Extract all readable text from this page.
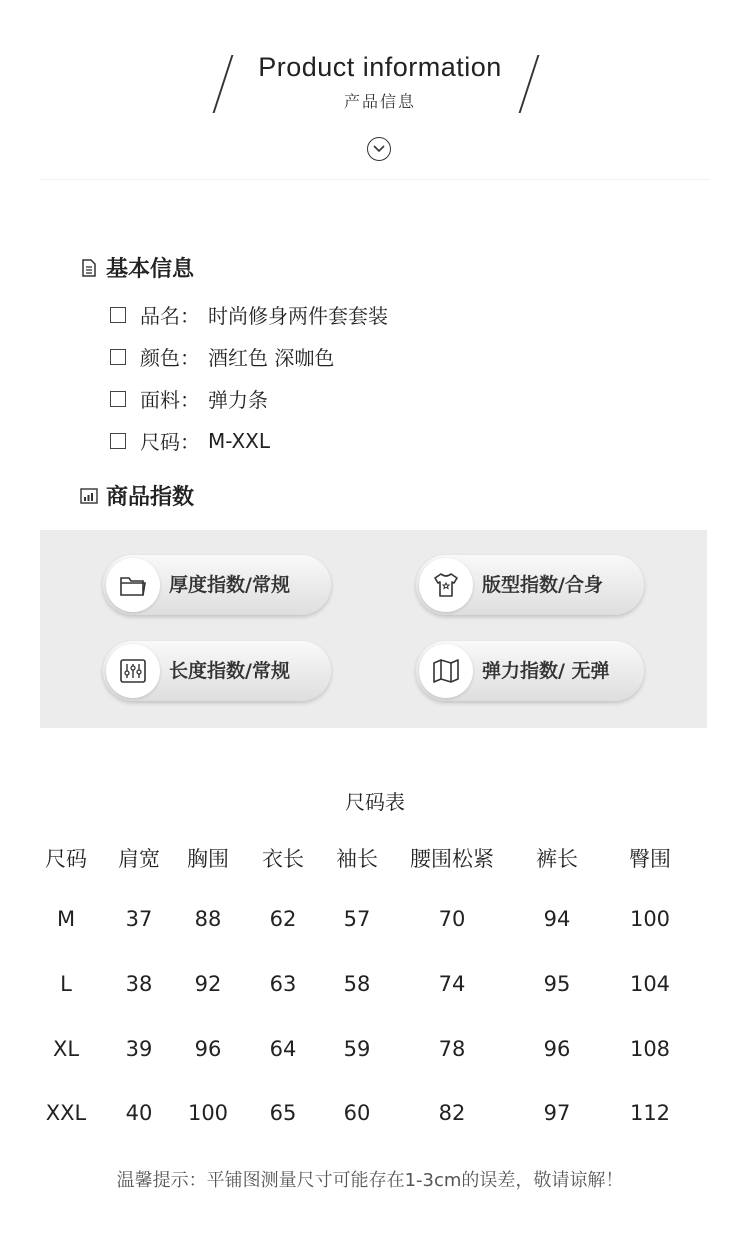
Product information
产品信息
基本信息
品名 ： 时尚修身两件套套装
颜色 ： 酒红色 深咖色
面料 ： 弹力条
尺码 ： M-XXL
商品指数
厚度指数/常规	版型指数/合身
长度指数/常规	弹力指数/ 无弹
尺码表
尺码	肩宽	胸围	衣长	袖长	腰围松紧	裤长	臀围
M	37	88	62	57	70	94	100
L	38	92	63	58	74	95	104
XL	39	96	64	59	78	96	108
XXL	40	100	65	60	82	97	112
温馨提示：平铺图测量尺寸可能存在1-3cm的误差，敬请谅解！
